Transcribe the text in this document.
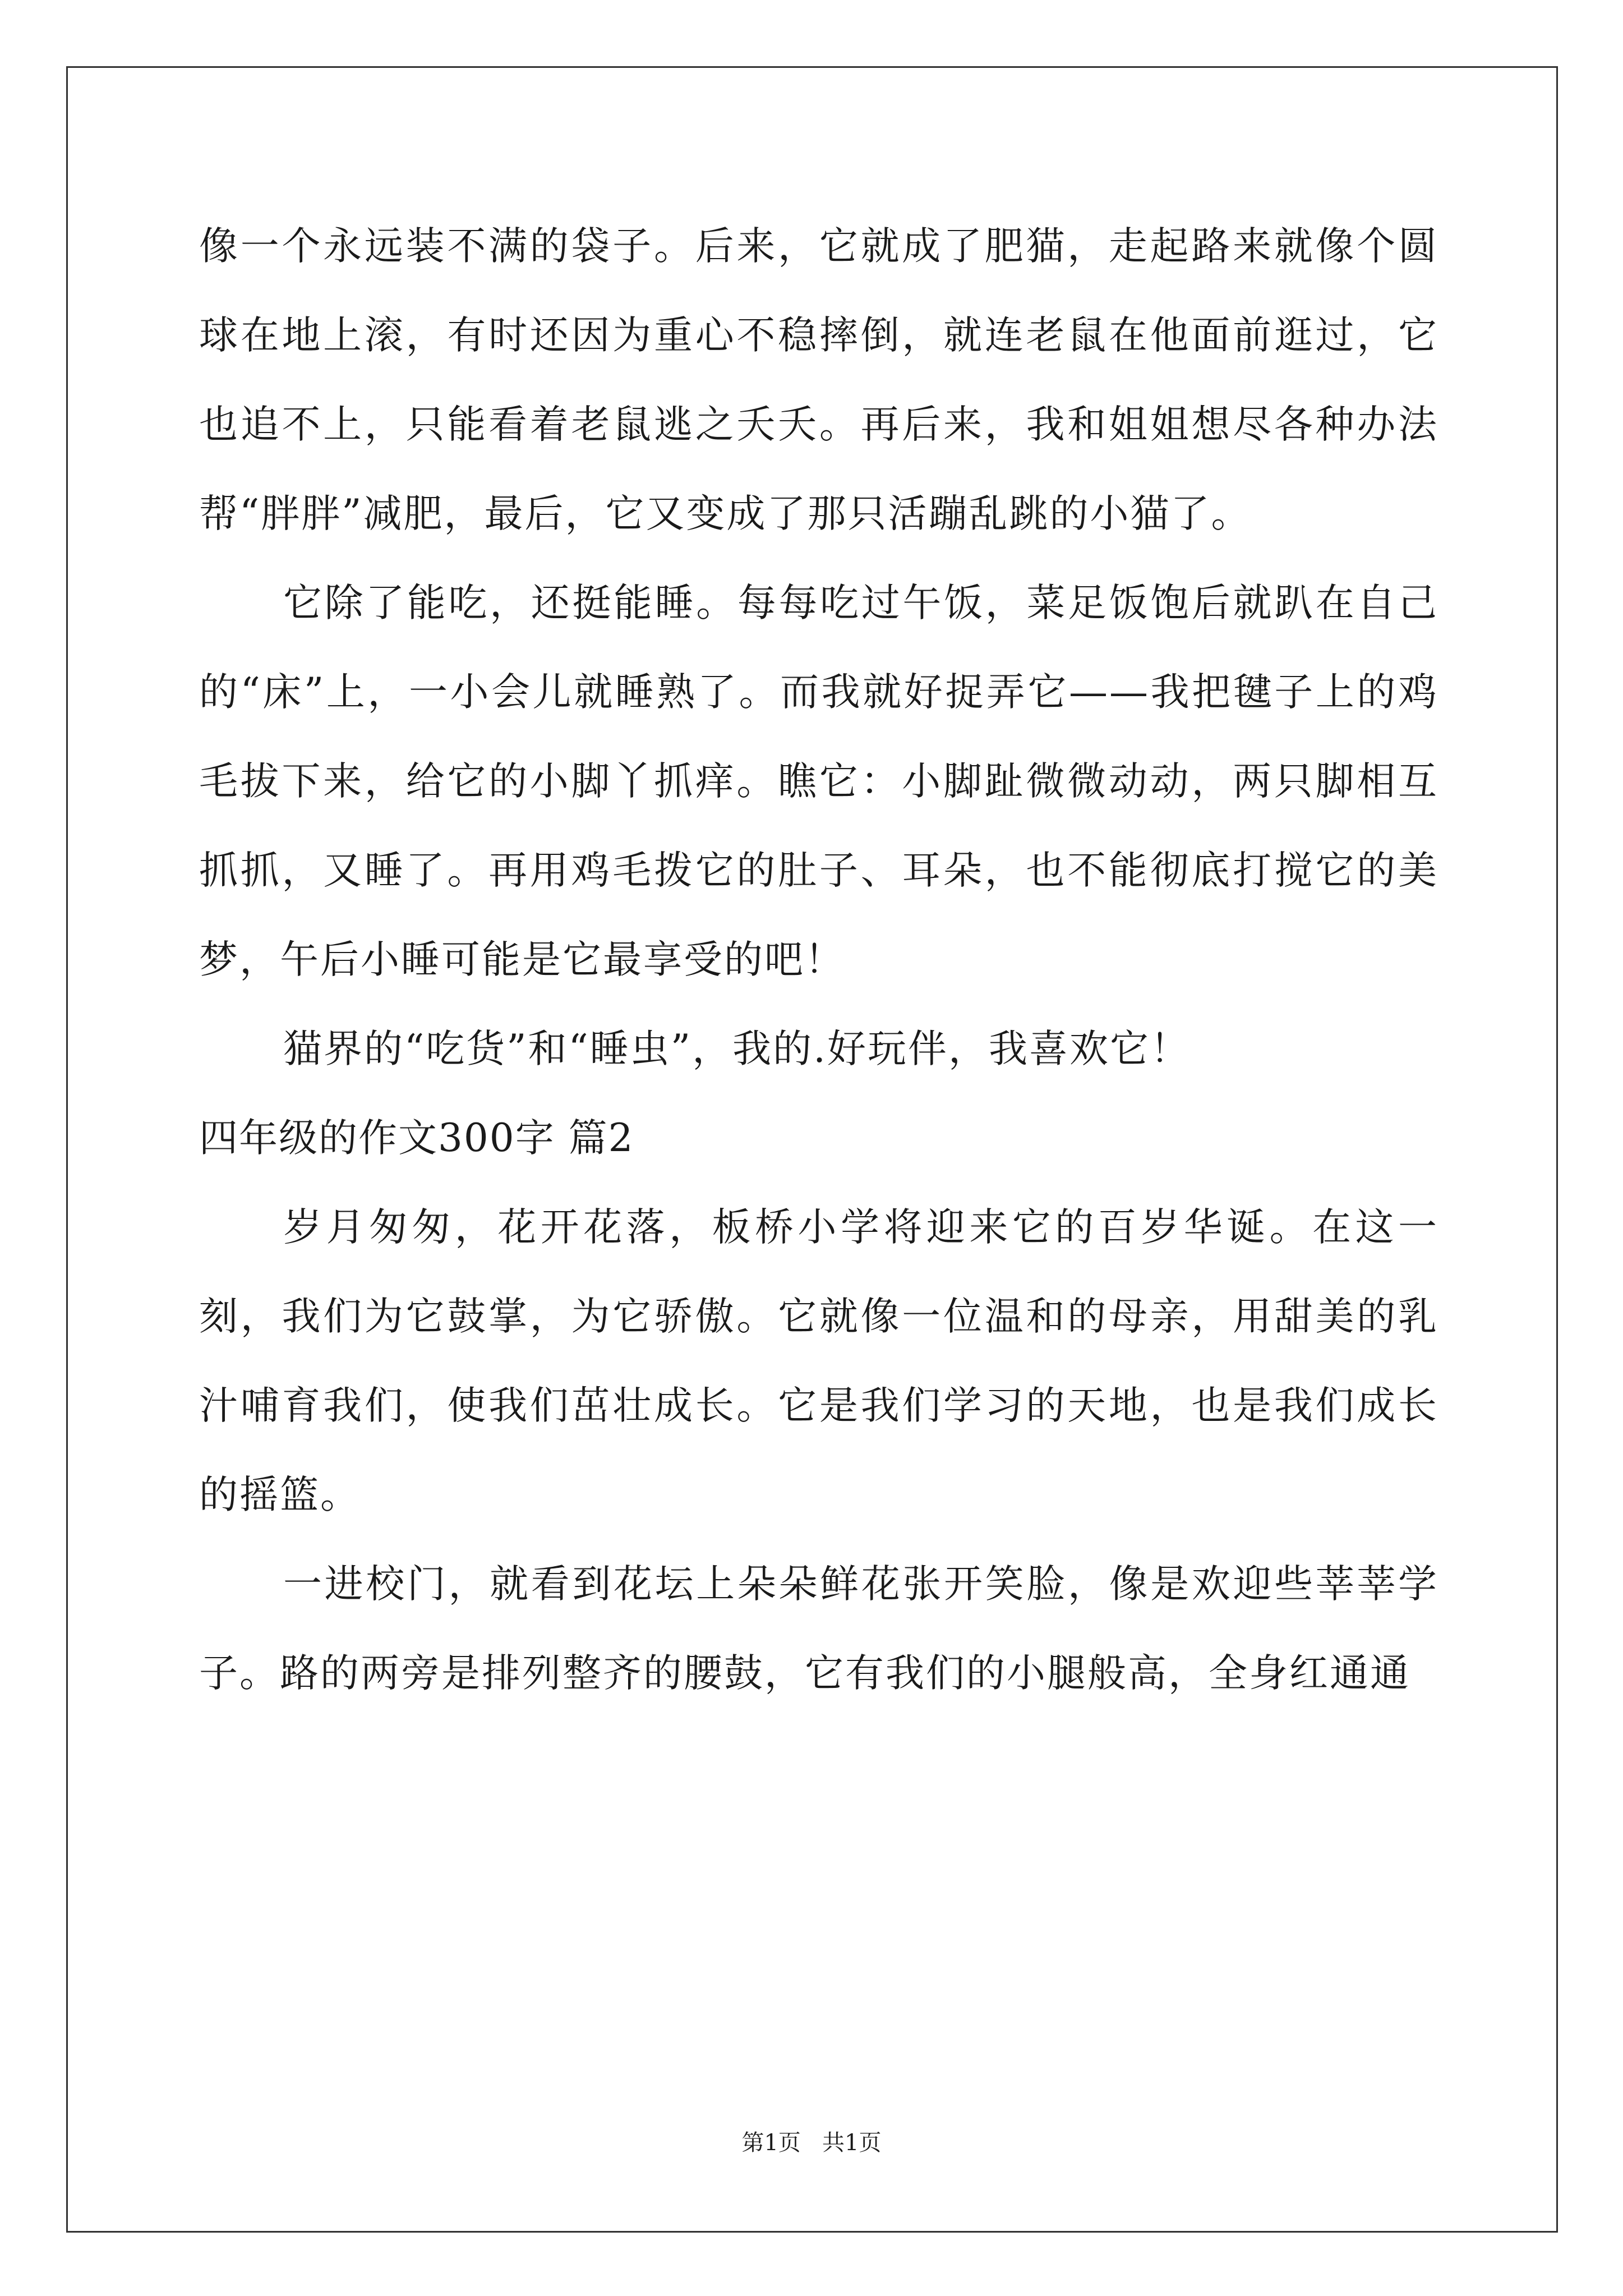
像一个永远装不满的袋子。后来，它就成了肥猫，走起路来就像个圆球在地上滚，有时还因为重心不稳摔倒，就连老鼠在他面前逛过，它也追不上，只能看着老鼠逃之夭夭。再后来，我和姐姐想尽各种办法帮“胖胖”减肥，最后，它又变成了那只活蹦乱跳的小猫了。

它除了能吃，还挺能睡。每每吃过午饭，菜足饭饱后就趴在自己的“床”上，一小会儿就睡熟了。而我就好捉弄它——我把毽子上的鸡毛拔下来，给它的小脚丫抓痒。瞧它：小脚趾微微动动，两只脚相互抓抓，又睡了。再用鸡毛拨它的肚子、耳朵，也不能彻底打搅它的美梦，午后小睡可能是它最享受的吧！

猫界的“吃货”和“睡虫”，我的.好玩伴，我喜欢它！

四年级的作文300字 篇2

岁月匆匆，花开花落，板桥小学将迎来它的百岁华诞。在这一刻，我们为它鼓掌，为它骄傲。它就像一位温和的母亲，用甜美的乳汁哺育我们，使我们茁壮成长。它是我们学习的天地，也是我们成长的摇篮。

一进校门，就看到花坛上朵朵鲜花张开笑脸，像是欢迎些莘莘学子。路的两旁是排列整齐的腰鼓，它有我们的小腿般高，全身红通通

第1页   共1页
